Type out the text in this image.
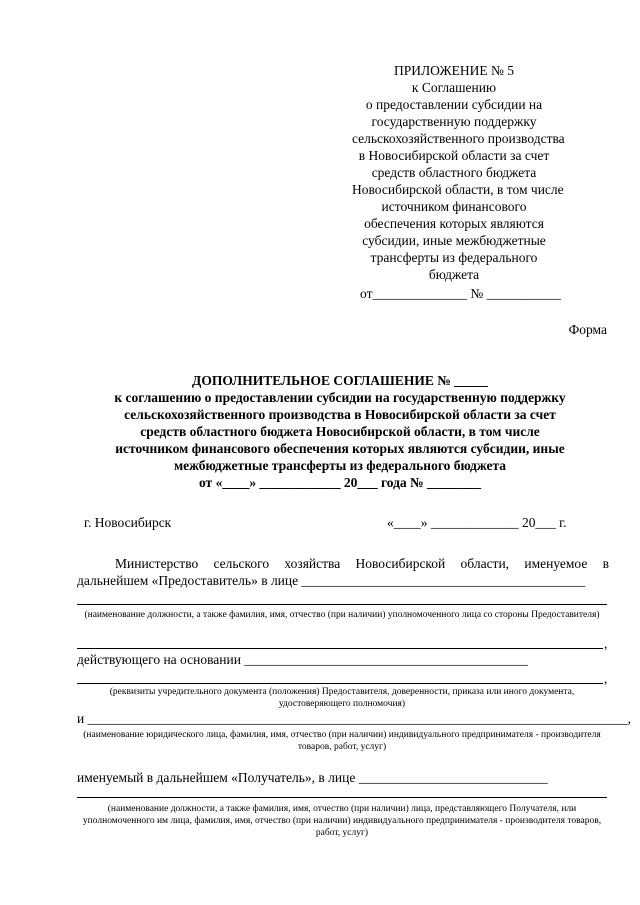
ПРИЛОЖЕНИЕ № 5
к Соглашению
о предоставлении субсидии на
государственную поддержку
сельскохозяйственного производства
в Новосибирской области за счет
средств областного бюджета
Новосибирской области, в том числе
источником финансового
обеспечения которых являются
субсидии, иные межбюджетные
трансферты из федерального
бюджета
от______________ № ___________
Форма
ДОПОЛНИТЕЛЬНОЕ СОГЛАШЕНИЕ № _____
к соглашению о предоставлении субсидии на государственную поддержку
сельскохозяйственного производства в Новосибирской области за счет
средств областного бюджета Новосибирской области, в том числе
источником финансового обеспечения которых являются субсидии, иные
межбюджетные трансферты из федерального бюджета
от «____» ____________ 20___ года № ________
г. Новосибирск	«____» _____________ 20___ г.
Министерство сельского хозяйства Новосибирской области, именуемое в
дальнейшем «Предоставитель» в лице __________________________________________
(наименование должности, а также фамилия, имя, отчество (при наличии) уполномоченного лица со стороны Предоставителя)
,
действующего на основании __________________________________________
,
(реквизиты учредительного документа (положения) Предоставителя, доверенности, приказа или иного документа, удостоверяющего полномочия)
и ________________________________________________________________________________,
(наименование юридического лица, фамилия, имя, отчество (при наличии) индивидуального предпринимателя - производителя товаров, работ, услуг)
именуемый в дальнейшем «Получатель», в лице ____________________________
(наименование должности, а также фамилия, имя, отчество (при наличии) лица, представляющего Получателя, или уполномоченного им лица, фамилия, имя, отчество (при наличии) индивидуального предпринимателя - производителя товаров, работ, услуг)
